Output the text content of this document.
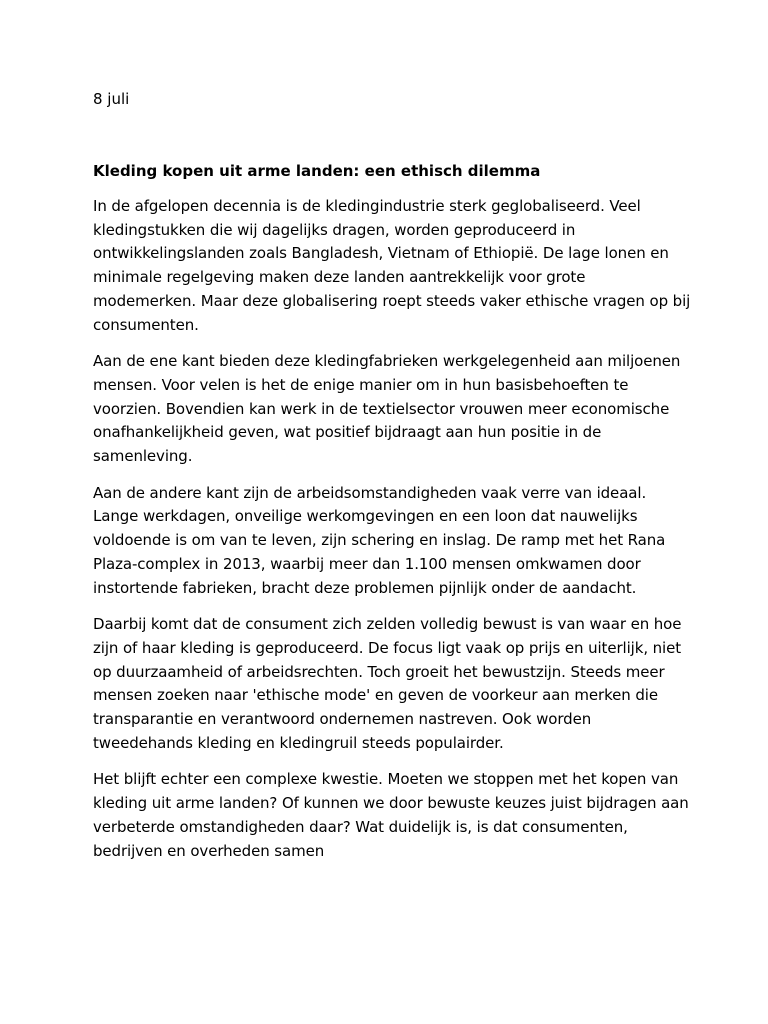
8 juli

Kleding kopen uit arme landen: een ethisch dilemma

In de afgelopen decennia is de kledingindustrie sterk geglobaliseerd. Veel kledingstukken die wij dagelijks dragen, worden geproduceerd in ontwikkelingslanden zoals Bangladesh, Vietnam of Ethiopië. De lage lonen en minimale regelgeving maken deze landen aantrekkelijk voor grote modemerken. Maar deze globalisering roept steeds vaker ethische vragen op bij consumenten.

Aan de ene kant bieden deze kledingfabrieken werkgelegenheid aan miljoenen mensen. Voor velen is het de enige manier om in hun basisbehoeften te voorzien. Bovendien kan werk in de textielsector vrouwen meer economische onafhankelijkheid geven, wat positief bijdraagt aan hun positie in de samenleving.

Aan de andere kant zijn de arbeidsomstandigheden vaak verre van ideaal. Lange werkdagen, onveilige werkomgevingen en een loon dat nauwelijks voldoende is om van te leven, zijn schering en inslag. De ramp met het Rana Plaza-complex in 2013, waarbij meer dan 1.100 mensen omkwamen door instortende fabrieken, bracht deze problemen pijnlijk onder de aandacht.

Daarbij komt dat de consument zich zelden volledig bewust is van waar en hoe zijn of haar kleding is geproduceerd. De focus ligt vaak op prijs en uiterlijk, niet op duurzaamheid of arbeidsrechten. Toch groeit het bewustzijn. Steeds meer mensen zoeken naar 'ethische mode' en geven de voorkeur aan merken die transparantie en verantwoord ondernemen nastreven. Ook worden tweedehands kleding en kledingruil steeds populairder.

Het blijft echter een complexe kwestie. Moeten we stoppen met het kopen van kleding uit arme landen? Of kunnen we door bewuste keuzes juist bijdragen aan verbeterde omstandigheden daar? Wat duidelijk is, is dat consumenten, bedrijven en overheden samen
